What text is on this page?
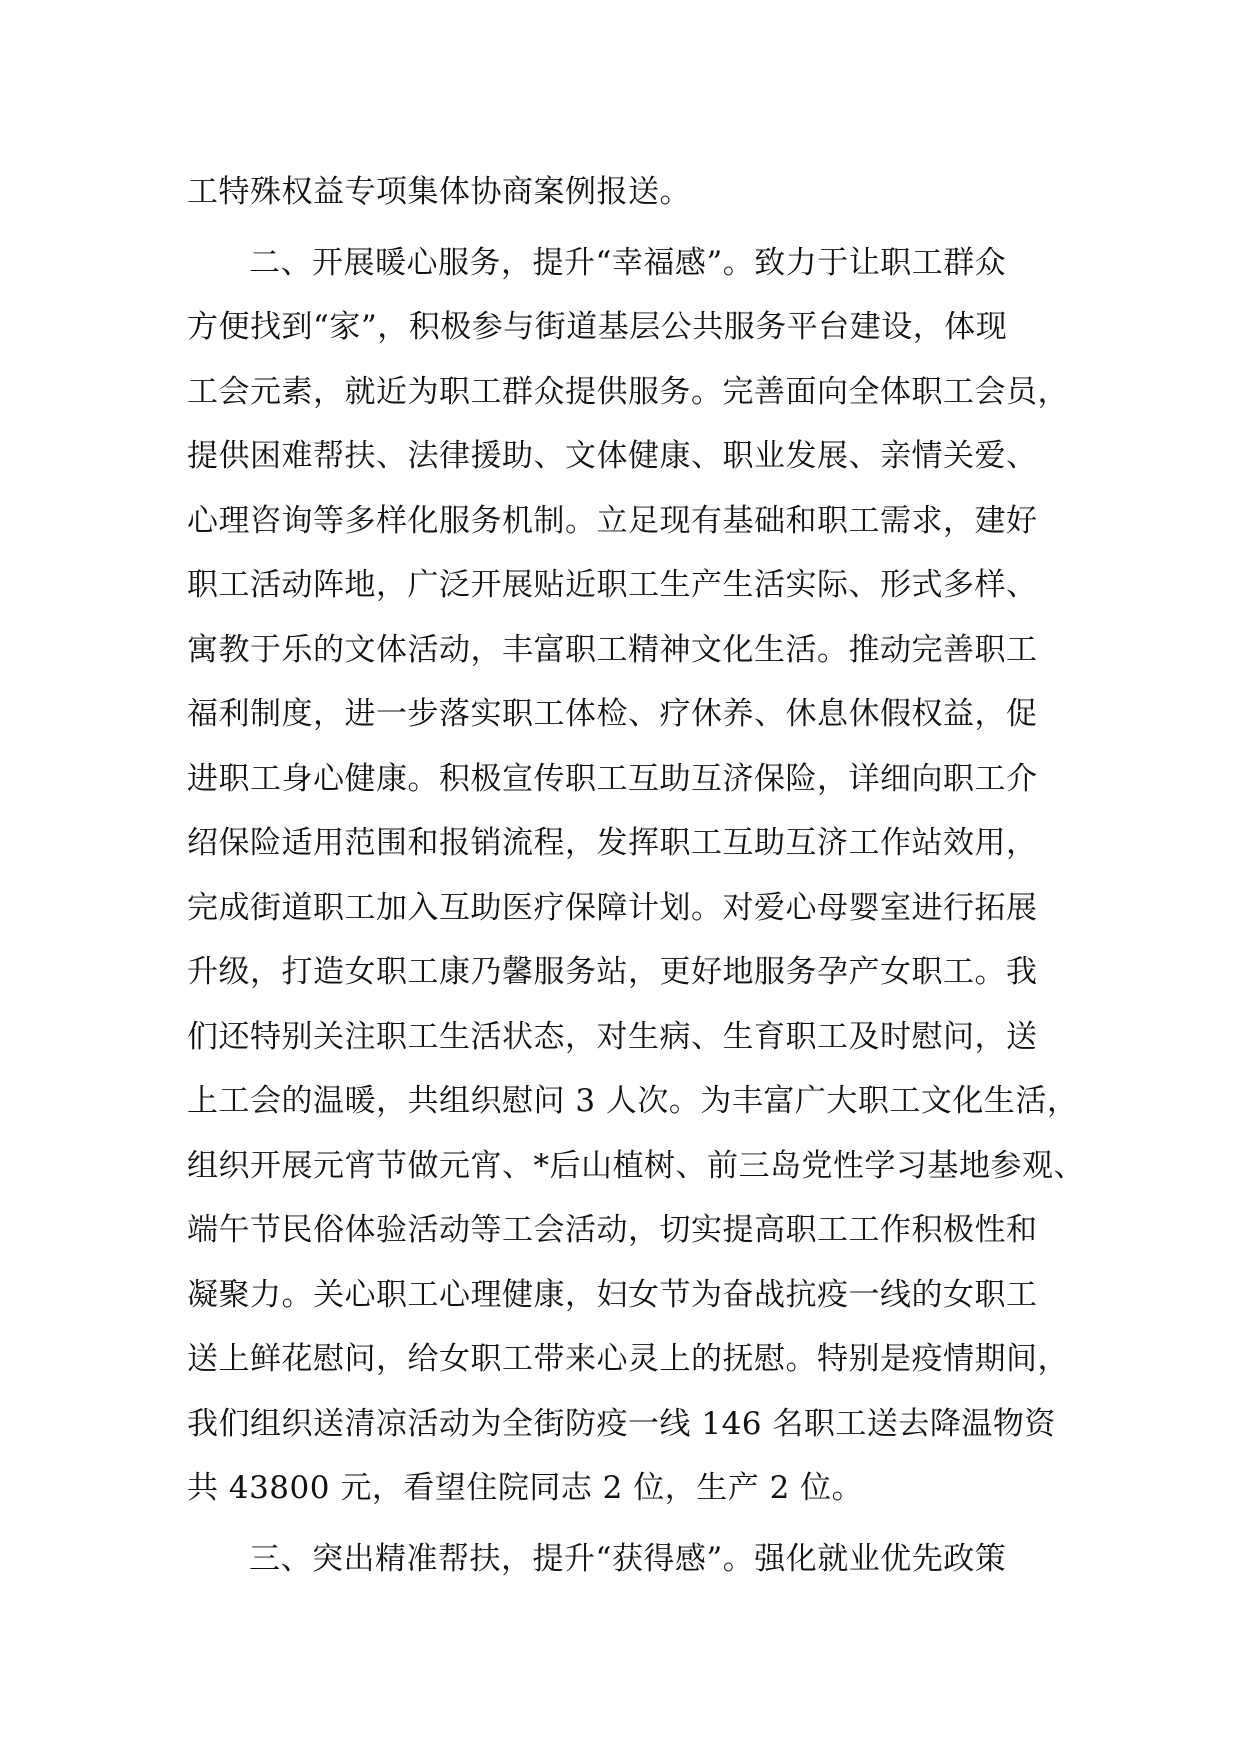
工特殊权益专项集体协商案例报送。
二、开展暖心服务，提升“幸福感”。致力于让职工群众
方便找到“家”，积极参与街道基层公共服务平台建设，体现
工会元素，就近为职工群众提供服务。完善面向全体职工会员，
提供困难帮扶、法律援助、文体健康、职业发展、亲情关爱、
心理咨询等多样化服务机制。立足现有基础和职工需求，建好
职工活动阵地，广泛开展贴近职工生产生活实际、形式多样、
寓教于乐的文体活动，丰富职工精神文化生活。推动完善职工
福利制度，进一步落实职工体检、疗休养、休息休假权益，促
进职工身心健康。积极宣传职工互助互济保险，详细向职工介
绍保险适用范围和报销流程，发挥职工互助互济工作站效用，
完成街道职工加入互助医疗保障计划。对爱心母婴室进行拓展
升级，打造女职工康乃馨服务站，更好地服务孕产女职工。我
们还特别关注职工生活状态，对生病、生育职工及时慰问，送
上工会的温暖，共组织慰问 3 人次。为丰富广大职工文化生活，
组织开展元宵节做元宵、*后山植树、前三岛党性学习基地参观、
端午节民俗体验活动等工会活动，切实提高职工工作积极性和
凝聚力。关心职工心理健康，妇女节为奋战抗疫一线的女职工
送上鲜花慰问，给女职工带来心灵上的抚慰。特别是疫情期间，
我们组织送清凉活动为全街防疫一线 146 名职工送去降温物资
共 43800 元，看望住院同志 2 位，生产 2 位。
三、突出精准帮扶，提升“获得感”。强化就业优先政策
